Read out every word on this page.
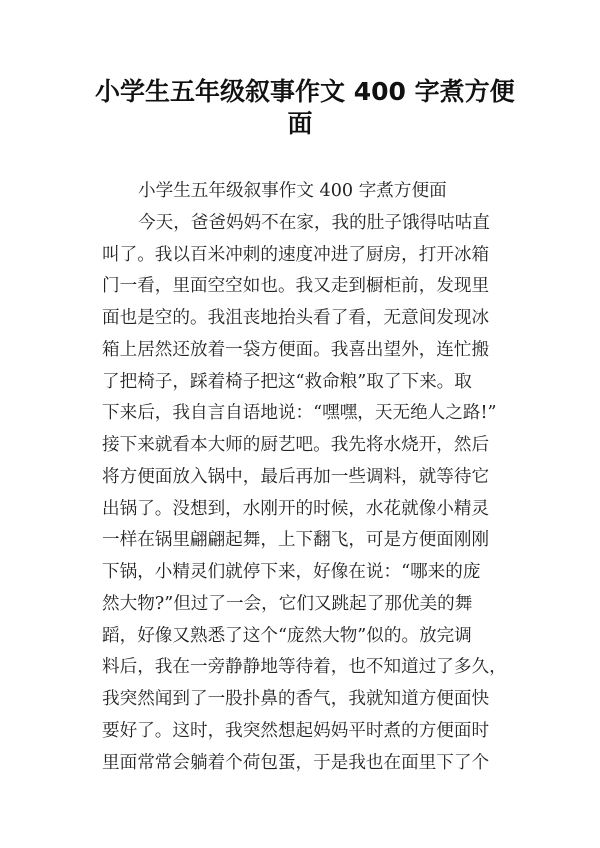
小学生五年级叙事作文 400 字煮方便
面
小学生五年级叙事作文 400 字煮方便面
今天，爸爸妈妈不在家，我的肚子饿得咕咕直
叫了。我以百米冲刺的速度冲进了厨房，打开冰箱
门一看，里面空空如也。我又走到橱柜前，发现里
面也是空的。我沮丧地抬头看了看，无意间发现冰
箱上居然还放着一袋方便面。我喜出望外，连忙搬
了把椅子，踩着椅子把这“救命粮”取了下来。取
下来后，我自言自语地说：“嘿嘿，天无绝人之路!”
接下来就看本大师的厨艺吧。我先将水烧开，然后
将方便面放入锅中，最后再加一些调料，就等待它
出锅了。没想到，水刚开的时候，水花就像小精灵
一样在锅里翩翩起舞，上下翻飞，可是方便面刚刚
下锅，小精灵们就停下来，好像在说：“哪来的庞
然大物?”但过了一会，它们又跳起了那优美的舞
蹈，好像又熟悉了这个“庞然大物”似的。放完调
料后，我在一旁静静地等待着，也不知道过了多久，
我突然闻到了一股扑鼻的香气，我就知道方便面快
要好了。这时，我突然想起妈妈平时煮的方便面时
里面常常会躺着个荷包蛋，于是我也在面里下了个
